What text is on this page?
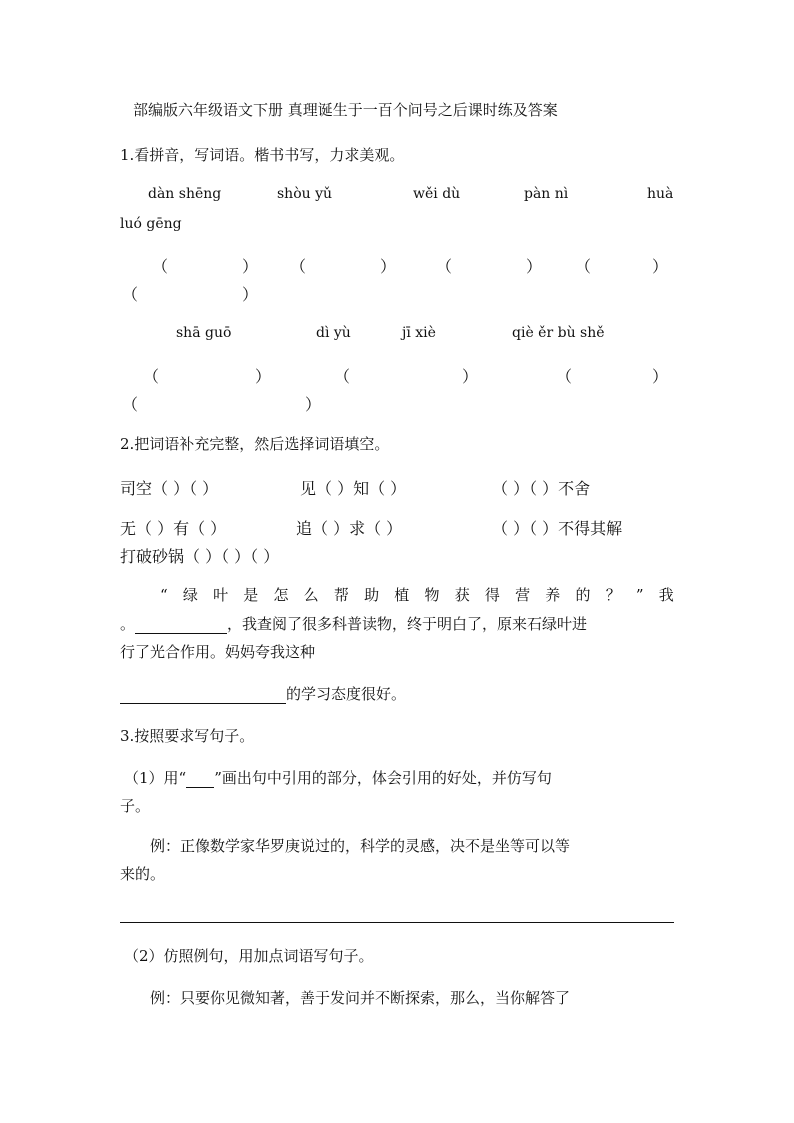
部编版六年级语文下册 真理诞生于一百个问号之后课时练及答案
1.看拼音，写词语。楷书书写，力求美观。
dàn shēng	shòu yǔ	wěi dù	pàn nì	huà
luó gēng
（	） （	） （	） （	）
（	）
shā guō	dì yù	jī xiè	qiè ěr bù shě
（	）	（	）	（	）
（	）
2.把词语补充完整，然后选择词语填空。
司空（ ）（ ）	见（ ）知（ ）	（ ）（ ）不舍
无（ ）有（ ）	追（ ）求（ ）	（ ）（ ）不得其解
打破砂锅（ ）（ ）（ ）
“ 绿 叶 是 怎 么 帮 助 植 物 获 得 营 养 的 ？ ” 我
。	，我查阅了很多科普读物，终于明白了，原来石绿叶进
行了光合作用。妈妈夸我这种
的学习态度很好。
3.按照要求写句子。
（1）用“ ”画出句中引用的部分，体会引用的好处，并仿写句
子。
例：正像数学家华罗庚说过的，科学的灵感，决不是坐等可以等
来的。
（2）仿照例句，用加点词语写句子。
例：只要你见微知著，善于发问并不断探索，那么，当你解答了
